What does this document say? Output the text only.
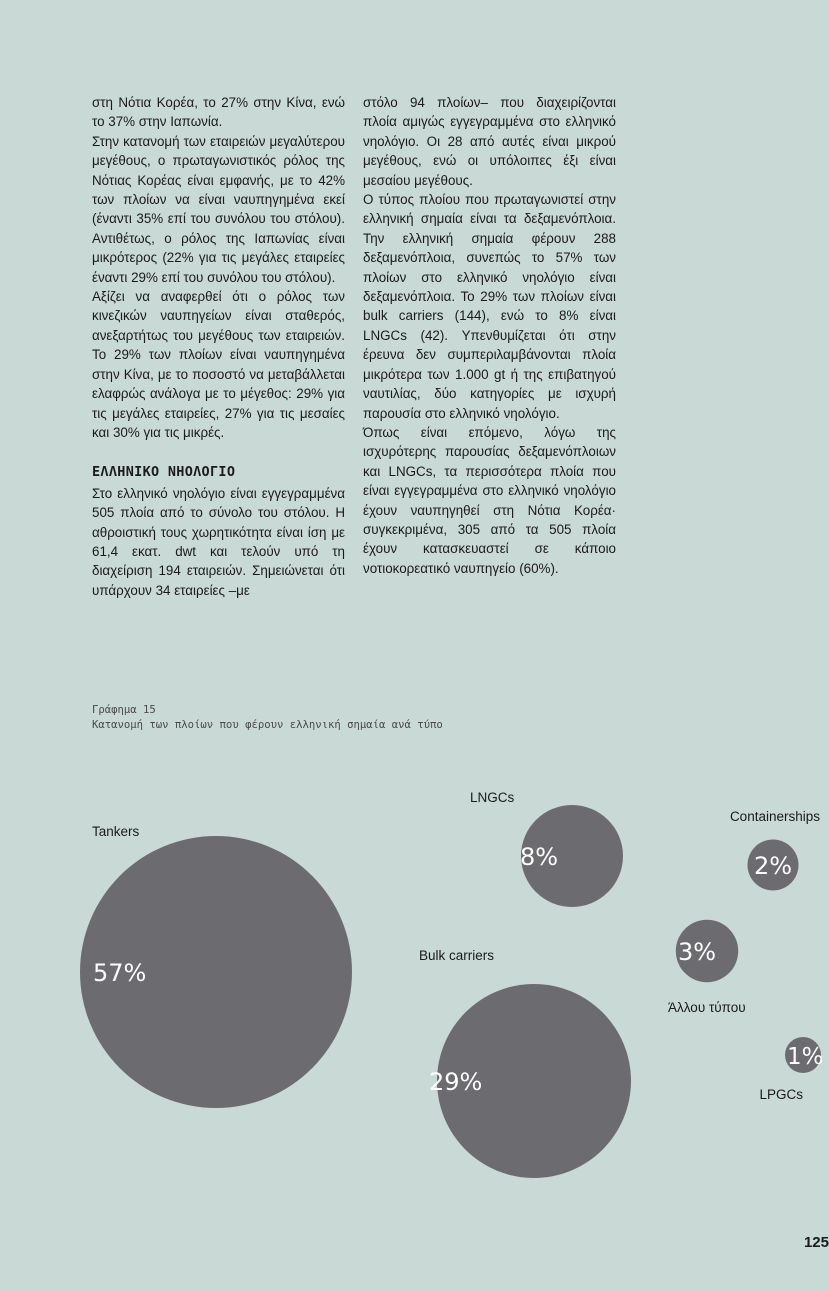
στη Νότια Κορέα, το 27% στην Κίνα, ενώ το 37% στην Ιαπωνία.

Στην κατανομή των εταιρειών μεγαλύτερου μεγέθους, ο πρωταγωνιστικός ρόλος της Νότιας Κορέας είναι εμφανής, με το 42% των πλοίων να είναι ναυπηγημένα εκεί (έναντι 35% επί του συνόλου του στόλου). Αντιθέτως, ο ρόλος της Ιαπωνίας είναι μικρότερος (22% για τις μεγάλες εταιρείες έναντι 29% επί του συνόλου του στόλου).

Αξίζει να αναφερθεί ότι ο ρόλος των κινεζικών ναυπηγείων είναι σταθερός, ανεξαρτήτως του μεγέθους των εταιρειών. Το 29% των πλοίων είναι ναυπηγημένα στην Κίνα, με το ποσοστό να μεταβάλλεται ελαφρώς ανάλογα με το μέγεθος: 29% για τις μεγάλες εταιρείες, 27% για τις μεσαίες και 30% για τις μικρές.

ΕΛΛΗΝΙΚΟ ΝΗΟΛΟΓΙΟ

Στο ελληνικό νηολόγιο είναι εγγεγραμμένα 505 πλοία από το σύνολο του στόλου. Η αθροιστική τους χωρητικότητα είναι ίση με 61,4 εκατ. dwt και τελούν υπό τη διαχείριση 194 εταιρειών. Σημειώνεται ότι υπάρχουν 34 εταιρείες –με

στόλο 94 πλοίων– που διαχειρίζονται πλοία αμιγώς εγγεγραμμένα στο ελληνικό νηολόγιο. Οι 28 από αυτές είναι μικρού μεγέθους, ενώ οι υπόλοιπες έξι είναι μεσαίου μεγέθους.

Ο τύπος πλοίου που πρωταγωνιστεί στην ελληνική σημαία είναι τα δεξαμενόπλοια. Την ελληνική σημαία φέρουν 288 δεξαμενόπλοια, συνεπώς το 57% των πλοίων στο ελληνικό νηολόγιο είναι δεξαμενόπλοια. Το 29% των πλοίων είναι bulk carriers (144), ενώ το 8% είναι LNGCs (42). Υπενθυμίζεται ότι στην έρευνα δεν συμπεριλαμβάνονται πλοία μικρότερα των 1.000 gt ή της επιβατηγού ναυτιλίας, δύο κατηγορίες με ισχυρή παρουσία στο ελληνικό νηολόγιο.

Όπως είναι επόμενο, λόγω της ισχυρότερης παρουσίας δεξαμενόπλοιων και LNGCs, τα περισσότερα πλοία που είναι εγγεγραμμένα στο ελληνικό νηολόγιο έχουν ναυπηγηθεί στη Νότια Κορέα· συγκεκριμένα, 305 από τα 505 πλοία έχουν κατασκευαστεί σε κάποιο νοτιοκορεατικό ναυπηγείο (60%).

Γράφημα 15
Κατανομή των πλοίων που φέρουν ελληνική σημαία ανά τύπο
57%
Tankers
29%
Bulk carriers
8%
LNGCs
3%
Άλλου τύπου
2%
Containerships
1%
LPGCs
125
